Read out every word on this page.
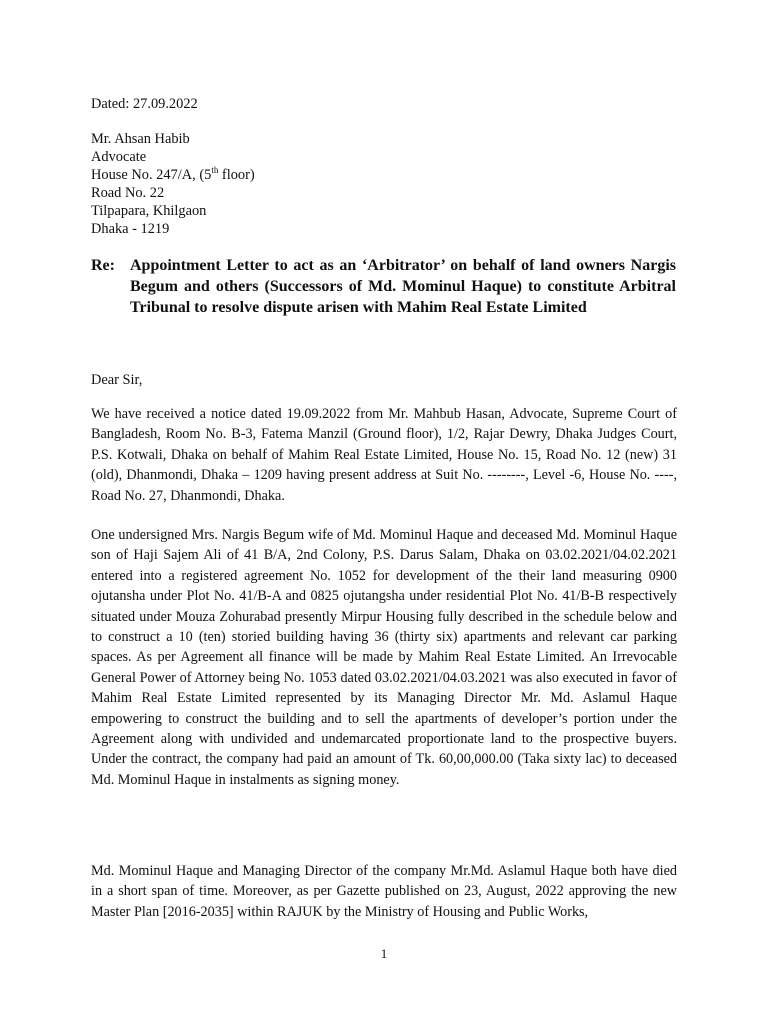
Dated: 27.09.2022
Mr. Ahsan Habib
Advocate
House No. 247/A, (5th floor)
Road No. 22
Tilpapara, Khilgaon
Dhaka - 1219
Re: Appointment Letter to act as an ‘Arbitrator’ on behalf of land owners Nargis Begum and others (Successors of Md. Mominul Haque) to constitute Arbitral Tribunal to resolve dispute arisen with Mahim Real Estate Limited
Dear Sir,
We have received a notice dated 19.09.2022 from Mr. Mahbub Hasan, Advocate, Supreme Court of Bangladesh, Room No. B-3, Fatema Manzil (Ground floor), 1/2, Rajar Dewry, Dhaka Judges Court, P.S. Kotwali, Dhaka on behalf of Mahim Real Estate Limited, House No. 15, Road No. 12 (new) 31 (old), Dhanmondi, Dhaka – 1209 having present address at Suit No. --------, Level -6, House No. ----, Road No. 27, Dhanmondi, Dhaka.
One undersigned Mrs. Nargis Begum wife of Md. Mominul Haque and deceased Md. Mominul Haque son of Haji Sajem Ali of 41 B/A, 2nd Colony, P.S. Darus Salam, Dhaka on 03.02.2021/04.02.2021 entered into a registered agreement No. 1052 for development of the their land measuring 0900 ojutansha under Plot No. 41/B-A and 0825 ojutangsha under residential Plot No. 41/B-B respectively situated under Mouza Zohurabad presently Mirpur Housing fully described in the schedule below and to construct a 10 (ten) storied building having 36 (thirty six) apartments and relevant car parking spaces. As per Agreement all finance will be made by Mahim Real Estate Limited. An Irrevocable General Power of Attorney being No. 1053 dated 03.02.2021/04.03.2021 was also executed in favor of Mahim Real Estate Limited represented by its Managing Director Mr. Md. Aslamul Haque empowering to construct the building and to sell the apartments of developer’s portion under the Agreement along with undivided and undemarcated proportionate land to the prospective buyers. Under the contract, the company had paid an amount of Tk. 60,00,000.00 (Taka sixty lac) to deceased Md. Mominul Haque in instalments as signing money.
Md. Mominul Haque and Managing Director of the company Mr.Md. Aslamul Haque both have died in a short span of time. Moreover, as per Gazette published on 23, August, 2022 approving the new Master Plan [2016-2035] within RAJUK by the Ministry of Housing and Public Works,
1
